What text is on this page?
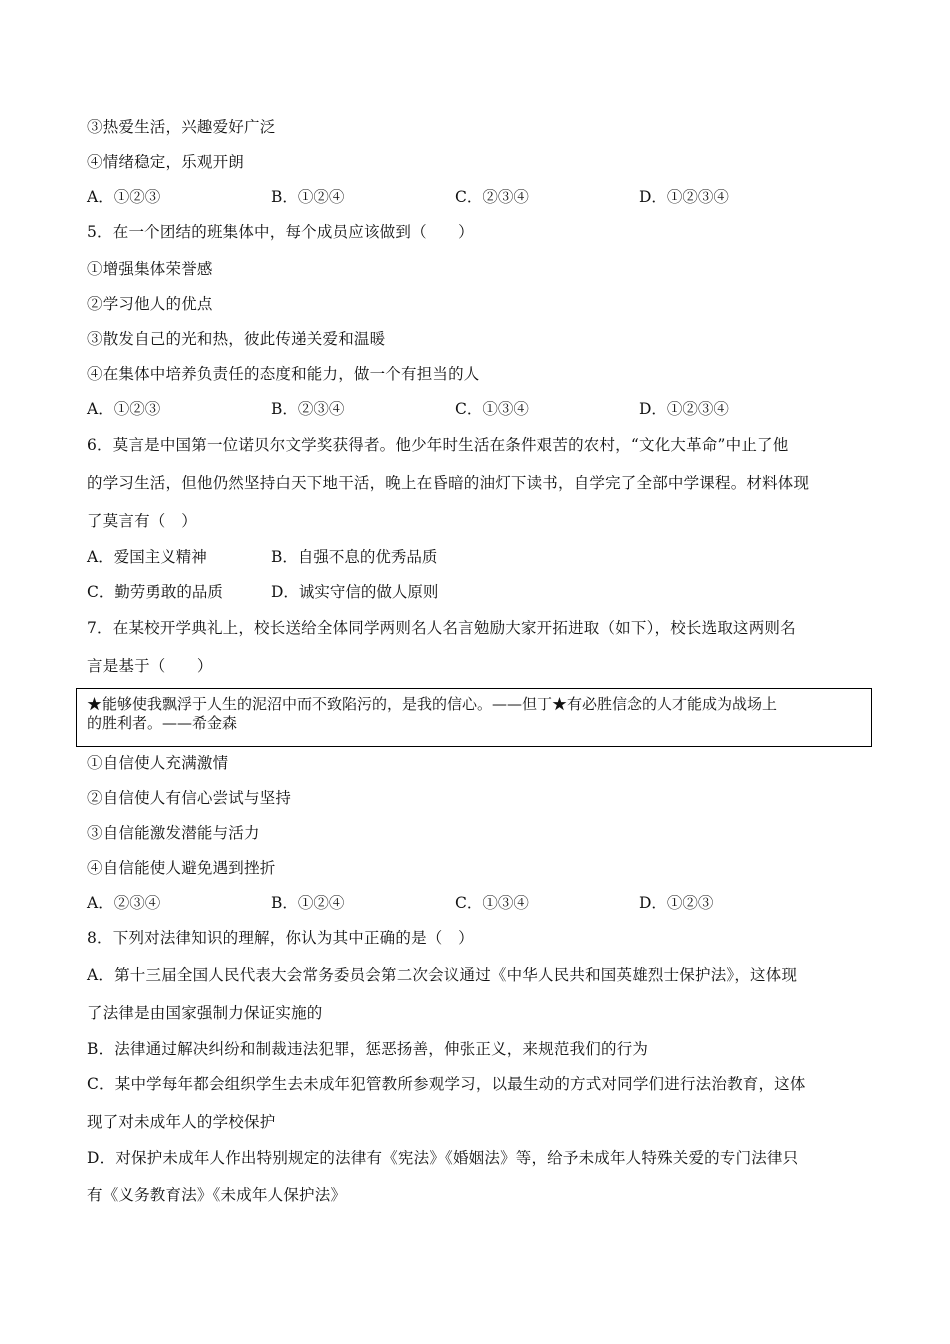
③热爱生活，兴趣爱好广泛
④情绪稳定，乐观开朗
A．①②③	B．①②④	C．②③④	D．①②③④
5．在一个团结的班集体中，每个成员应该做到（　　）
①增强集体荣誉感
②学习他人的优点
③散发自己的光和热，彼此传递关爱和温暖
④在集体中培养负责任的态度和能力，做一个有担当的人
A．①②③	B．②③④	C．①③④	D．①②③④
6．莫言是中国第一位诺贝尔文学奖获得者。他少年时生活在条件艰苦的农村，“文化大革命”中止了他
的学习生活，但他仍然坚持白天下地干活，晚上在昏暗的油灯下读书，自学完了全部中学课程。材料体现
了莫言有（　）
A．爱国主义精神	B．自强不息的优秀品质
C．勤劳勇敢的品质	D．诚实守信的做人原则
7．在某校开学典礼上，校长送给全体同学两则名人名言勉励大家开拓进取（如下），校长选取这两则名
言是基于（　　）
★能够使我飘浮于人生的泥沼中而不致陷污的，是我的信心。——但丁★有必胜信念的人才能成为战场上
的胜利者。——希金森
①自信使人充满激情
②自信使人有信心尝试与坚持
③自信能激发潜能与活力
④自信能使人避免遇到挫折
A．②③④	B．①②④	C．①③④	D．①②③
8．下列对法律知识的理解，你认为其中正确的是（　）
A．第十三届全国人民代表大会常务委员会第二次会议通过《中华人民共和国英雄烈士保护法》，这体现
了法律是由国家强制力保证实施的
B．法律通过解决纠纷和制裁违法犯罪，惩恶扬善，伸张正义，来规范我们的行为
C．某中学每年都会组织学生去未成年犯管教所参观学习，以最生动的方式对同学们进行法治教育，这体
现了对未成年人的学校保护
D．对保护未成年人作出特别规定的法律有《宪法》《婚姻法》等，给予未成年人特殊关爱的专门法律只
有《义务教育法》《未成年人保护法》
